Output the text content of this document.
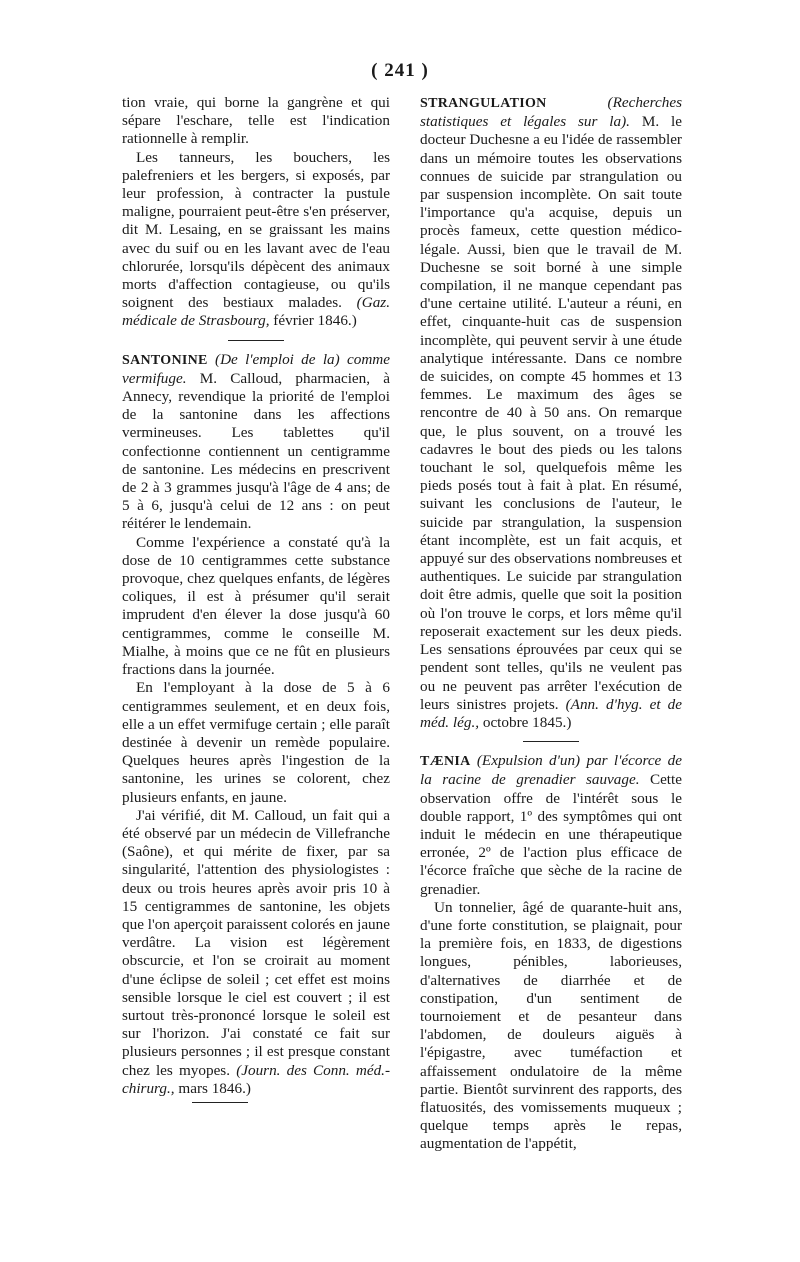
( 241 )

tion vraie, qui borne la gangrène et qui sépare l'eschare, telle est l'indication rationnelle à remplir.

Les tanneurs, les bouchers, les palefreniers et les bergers, si exposés, par leur profession, à contracter la pustule maligne, pourraient peut-être s'en préserver, dit M. Lesaing, en se graissant les mains avec du suif ou en les lavant avec de l'eau chlorurée, lorsqu'ils dépècent des animaux morts d'affection contagieuse, ou qu'ils soignent des bestiaux malades. (Gaz. médicale de Strasbourg, février 1846.)

SANTONINE (De l'emploi de la) comme vermifuge. M. Calloud, pharmacien, à Annecy, revendique la priorité de l'emploi de la santonine dans les affections vermineuses. Les tablettes qu'il confectionne contiennent un centigramme de santonine. Les médecins en prescrivent de 2 à 3 grammes jusqu'à l'âge de 4 ans; de 5 à 6, jusqu'à celui de 12 ans : on peut réitérer le lendemain.

Comme l'expérience a constaté qu'à la dose de 10 centigrammes cette substance provoque, chez quelques enfants, de légères coliques, il est à présumer qu'il serait imprudent d'en élever la dose jusqu'à 60 centigrammes, comme le conseille M. Mialhe, à moins que ce ne fût en plusieurs fractions dans la journée.

En l'employant à la dose de 5 à 6 centigrammes seulement, et en deux fois, elle a un effet vermifuge certain ; elle paraît destinée à devenir un remède populaire. Quelques heures après l'ingestion de la santonine, les urines se colorent, chez plusieurs enfants, en jaune.

J'ai vérifié, dit M. Calloud, un fait qui a été observé par un médecin de Villefranche (Saône), et qui mérite de fixer, par sa singularité, l'attention des physiologistes : deux ou trois heures après avoir pris 10 à 15 centigrammes de santonine, les objets que l'on aperçoit paraissent colorés en jaune verdâtre. La vision est légèrement obscurcie, et l'on se croirait au moment d'une éclipse de soleil ; cet effet est moins sensible lorsque le ciel est couvert ; il est surtout très-prononcé lorsque le soleil est sur l'horizon. J'ai constaté ce fait sur plusieurs personnes ; il est presque constant chez les myopes. (Journ. des Conn. méd.-chirurg., mars 1846.)

STRANGULATION	(Recherches statistiques et légales sur la). M. le docteur Duchesne a eu l'idée de rassembler dans un mémoire toutes les observations connues de suicide par strangulation ou par suspension incomplète. On sait toute l'importance qu'a acquise, depuis un procès fameux, cette question médico-légale. Aussi, bien que le travail de M. Duchesne se soit borné à une simple compilation, il ne manque cependant pas d'une certaine utilité. L'auteur a réuni, en effet, cinquante-huit cas de suspension incomplète, qui peuvent servir à une étude analytique intéressante. Dans ce nombre de suicides, on compte 45 hommes et 13 femmes. Le maximum des âges se rencontre de 40 à 50 ans. On remarque que, le plus souvent, on a trouvé les cadavres le bout des pieds ou les talons touchant le sol, quelquefois même les pieds posés tout à fait à plat. En résumé, suivant les conclusions de l'auteur, le suicide par strangulation, la suspension étant incomplète, est un fait acquis, et appuyé sur des observations nombreuses et authentiques. Le suicide par strangulation doit être admis, quelle que soit la position où l'on trouve le corps, et lors même qu'il reposerait exactement sur les deux pieds. Les sensations éprouvées par ceux qui se pendent sont telles, qu'ils ne veulent pas ou ne peuvent pas arrêter l'exécution de leurs sinistres projets. (Ann. d'hyg. et de méd. lég., octobre 1845.)

TÆNIA (Expulsion d'un) par l'écorce de la racine de grenadier sauvage. Cette observation offre de l'intérêt sous le double rapport, 1º des symptômes qui ont induit le médecin en une thérapeutique erronée, 2º de l'action plus efficace de l'écorce fraîche que sèche de la racine de grenadier.

Un tonnelier, âgé de quarante-huit ans, d'une forte constitution, se plaignait, pour la première fois, en 1833, de digestions longues, pénibles, laborieuses, d'alternatives de diarrhée et de constipation, d'un sentiment de tournoiement et de pesanteur dans l'abdomen, de douleurs aiguës à l'épigastre, avec tuméfaction et affaissement ondulatoire de la même partie. Bientôt survinrent des rapports, des flatuosités, des vomissements muqueux ; quelque temps après le repas, augmentation de l'appétit,
